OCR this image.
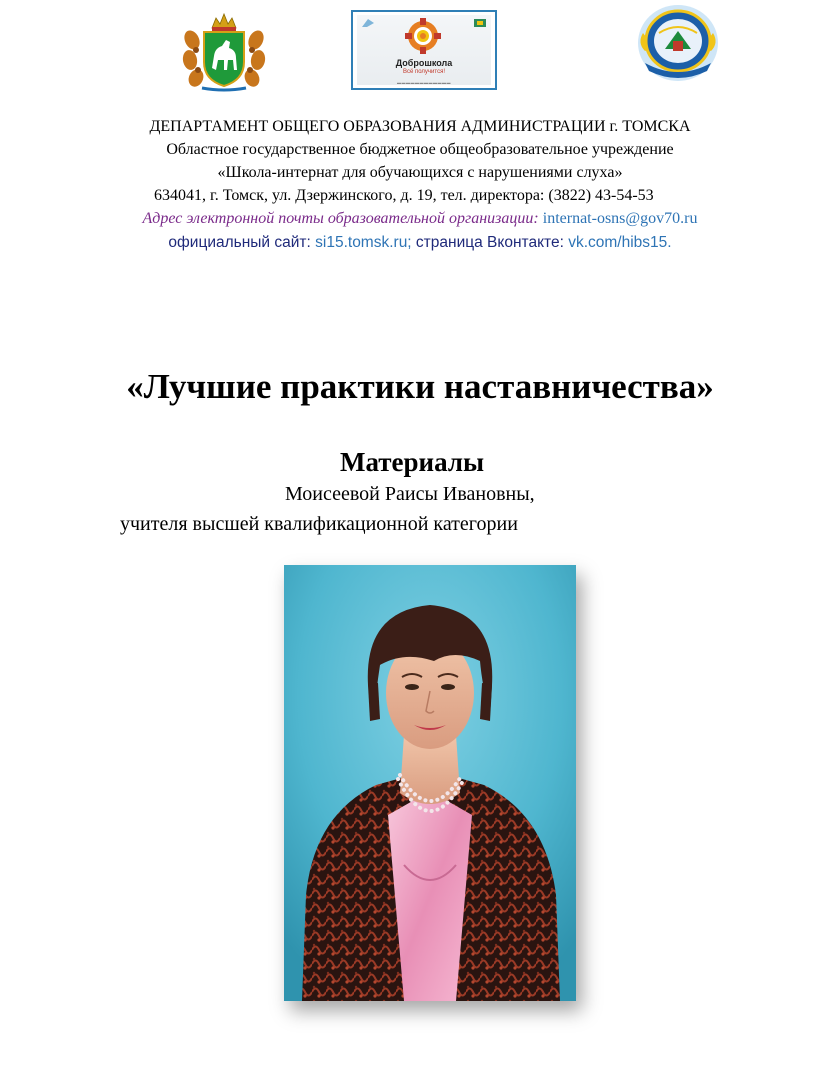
Доброшкола
Всё получится!
▬▬▬▬▬▬▬▬▬▬▬▬
ДЕПАРТАМЕНТ ОБЩЕГО ОБРАЗОВАНИЯ АДМИНИСТРАЦИИ г. ТОМСКА
Областное государственное бюджетное общеобразовательное учреждение
«Школа-интернат для обучающихся с нарушениями слуха»
634041, г. Томск, ул. Дзержинского, д. 19, тел. директора: (3822) 43-54-53
Адрес электронной почты образовательной организации: internat-osns@gov70.ru
официальный сайт: si15.tomsk.ru; страница Вконтакте: vk.com/hibs15.
«Лучшие практики наставничества»
Материалы
Моисеевой Раисы Ивановны,
учителя высшей квалификационной категории
